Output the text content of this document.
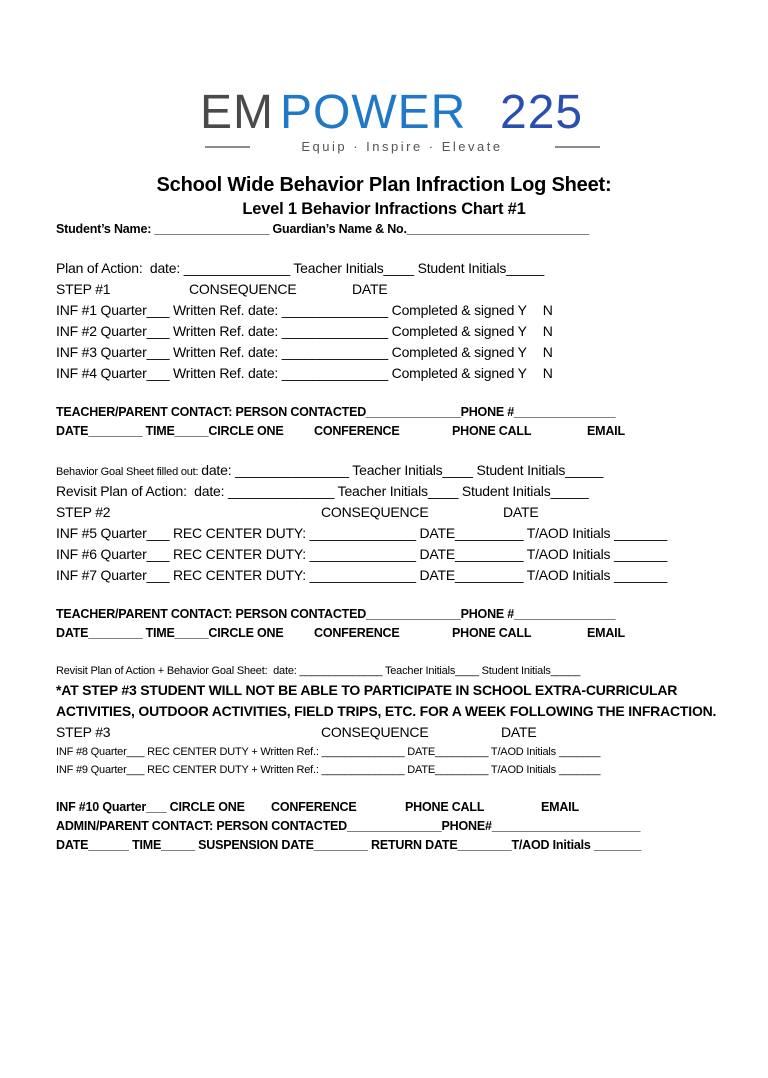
EM POWER 225
Equip · Inspire · Elevate
School Wide Behavior Plan Infraction Log Sheet:
Level 1 Behavior Infractions Chart #1
Student’s Name: _________________ Guardian’s Name & No.___________________________
Plan of Action:  date: ______________ Teacher Initials____ Student Initials_____
STEP #1	CONSEQUENCE	DATE
INF #1 Quarter___ Written Ref. date: ______________ Completed & signed Y N
INF #2 Quarter___ Written Ref. date: ______________ Completed & signed Y N
INF #3 Quarter___ Written Ref. date: ______________ Completed & signed Y N
INF #4 Quarter___ Written Ref. date: ______________ Completed & signed Y N
TEACHER/PARENT CONTACT: PERSON CONTACTED______________PHONE #_______________
DATE________ TIME_____CIRCLE ONE	CONFERENCE	PHONE CALL	EMAIL
Behavior Goal Sheet filled out: date: _______________ Teacher Initials____ Student Initials_____
Revisit Plan of Action:  date: ______________ Teacher Initials____ Student Initials_____
STEP #2	CONSEQUENCE	DATE
INF #5 Quarter___ REC CENTER DUTY: ______________ DATE_________ T/AOD Initials _______
INF #6 Quarter___ REC CENTER DUTY: ______________ DATE_________ T/AOD Initials _______
INF #7 Quarter___ REC CENTER DUTY: ______________ DATE_________ T/AOD Initials _______
TEACHER/PARENT CONTACT: PERSON CONTACTED______________PHONE #_______________
DATE________ TIME_____CIRCLE ONE	CONFERENCE	PHONE CALL	EMAIL
Revisit Plan of Action + Behavior Goal Sheet:  date: ______________ Teacher Initials____ Student Initials_____
*AT STEP #3 STUDENT WILL NOT BE ABLE TO PARTICIPATE IN SCHOOL EXTRA-CURRICULAR
ACTIVITIES, OUTDOOR ACTIVITIES, FIELD TRIPS, ETC. FOR A WEEK FOLLOWING THE INFRACTION.
STEP #3	CONSEQUENCE	DATE
INF #8 Quarter___ REC CENTER DUTY + Written Ref.: ______________ DATE_________ T/AOD Initials _______
INF #9 Quarter___ REC CENTER DUTY + Written Ref.: ______________ DATE_________ T/AOD Initials _______
INF #10 Quarter___ CIRCLE ONE	CONFERENCE	PHONE CALL	EMAIL
ADMIN/PARENT CONTACT: PERSON CONTACTED______________PHONE#______________________
DATE______ TIME_____ SUSPENSION DATE________ RETURN DATE________T/AOD Initials _______
